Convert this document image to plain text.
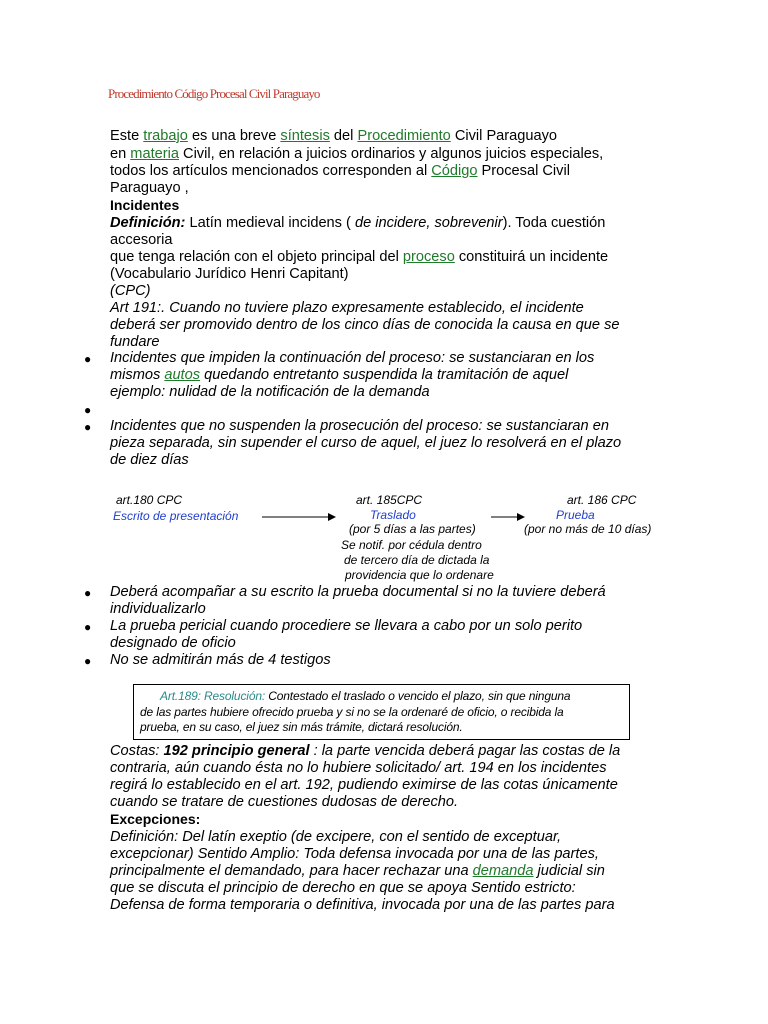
Procedimiento Código Procesal Civil Paraguayo
Este trabajo es una breve síntesis del Procedimiento Civil Paraguayo
en materia Civil, en relación a juicios ordinarios y algunos juicios especiales,
todos los artículos mencionados corresponden al Código Procesal Civil
Paraguayo ,
Incidentes
Definición: Latín medieval incidens ( de incidere, sobrevenir). Toda cuestión
accesoria
que tenga relación con el objeto principal del proceso constituirá un incidente
(Vocabulario Jurídico Henri Capitant)
(CPC)
Art 191:. Cuando no tuviere plazo expresamente establecido, el incidente
deberá ser promovido dentro de los cinco días de conocida la causa en que se
fundare
● Incidentes que impiden la continuación del proceso: se sustanciaran en los
mismos autos quedando entretanto suspendida la tramitación de aquel
ejemplo: nulidad de la notificación de la demanda
●
● Incidentes que no suspenden la prosecución del proceso: se sustanciaran en
pieza separada, sin supender el curso de aquel, el juez lo resolverá en el plazo
de diez días
art.180 CPC
Escrito de presentación
art. 185CPC
Traslado
(por 5 días a las partes)
Se notif. por cédula dentro
de tercero día de dictada la
providencia que lo ordenare
art. 186 CPC
Prueba
(por no más de 10 días)
● Deberá acompañar a su escrito la prueba documental si no la tuviere deberá
individualizarlo
● La prueba pericial cuando procediere se llevara a cabo por un solo perito
designado de oficio
● No se admitirán más de 4 testigos
Art.189: Resolución: Contestado el traslado o vencido el plazo, sin que ninguna
de las partes hubiere ofrecido prueba y si no se la ordenaré de oficio, o recibida la
prueba, en su caso, el juez sin más trámite, dictará resolución.
Costas: 192 principio general : la parte vencida deberá pagar las costas de la
contraria, aún cuando ésta no lo hubiere solicitado/ art. 194 en los incidentes
regirá lo establecido en el art. 192, pudiendo eximirse de las cotas únicamente
cuando se tratare de cuestiones dudosas de derecho.
Excepciones:
Definición: Del latín exeptio (de excipere, con el sentido de exceptuar,
excepcionar) Sentido Amplio: Toda defensa invocada por una de las partes,
principalmente el demandado, para hacer rechazar una demanda judicial sin
que se discuta el principio de derecho en que se apoya Sentido estricto:
Defensa de forma temporaria o definitiva, invocada por una de las partes para
